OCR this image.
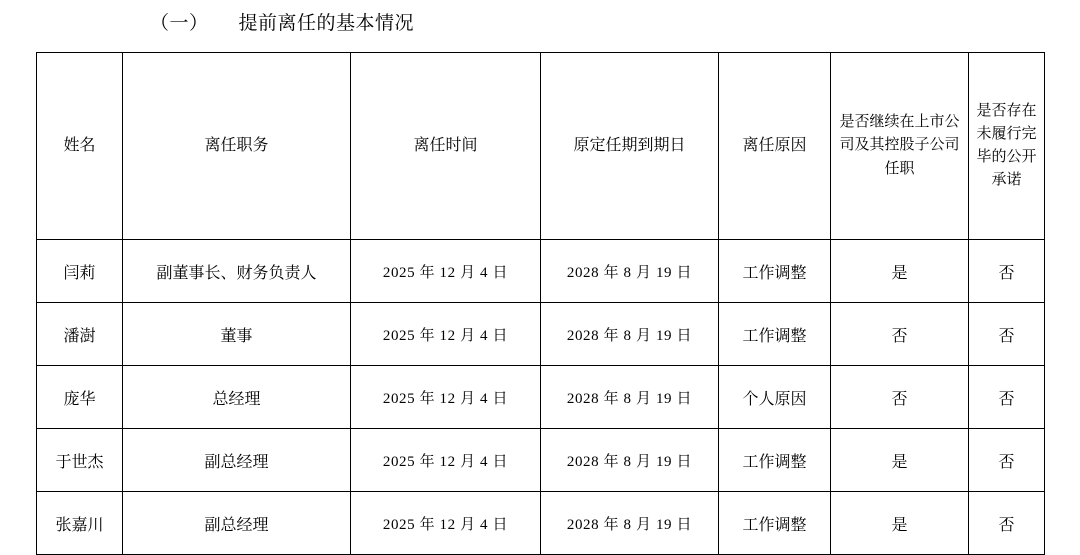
（一） 提前离任的基本情况
姓名	离任职务	离任时间	原定任期到期日	离任原因	是否继续在上市公司及其控股子公司任职	是否存在未履行完毕的公开承诺
闫莉	副董事长、财务负责人	2025 年 12 月 4 日	2028 年 8 月 19 日	工作调整	是	否
潘澍	董事	2025 年 12 月 4 日	2028 年 8 月 19 日	工作调整	否	否
庞华	总经理	2025 年 12 月 4 日	2028 年 8 月 19 日	个人原因	否	否
于世杰	副总经理	2025 年 12 月 4 日	2028 年 8 月 19 日	工作调整	是	否
张嘉川	副总经理	2025 年 12 月 4 日	2028 年 8 月 19 日	工作调整	是	否
